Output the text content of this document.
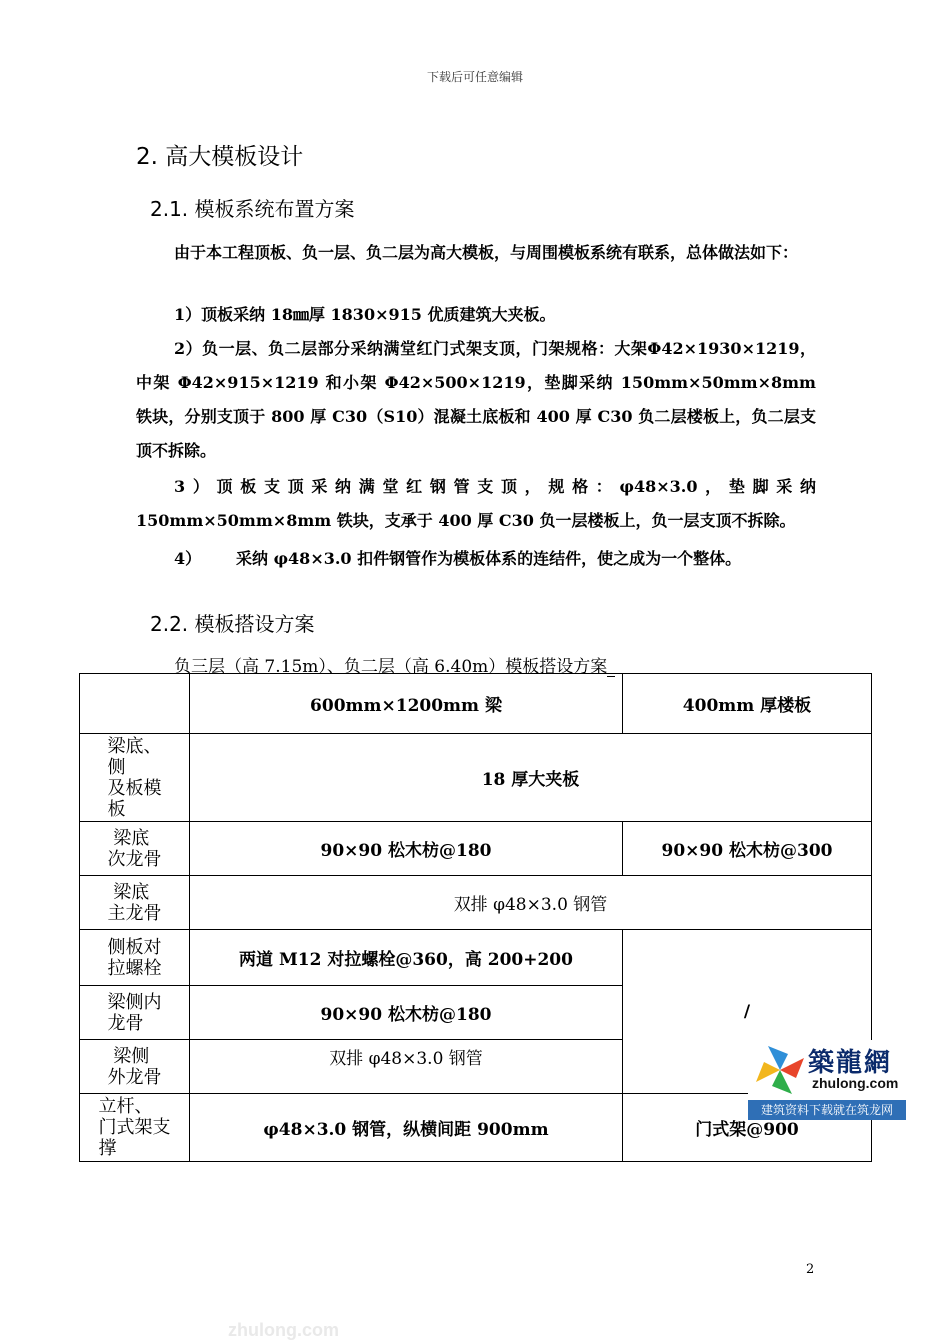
下载后可任意编辑
2. 高大模板设计
2.1. 模板系统布置方案
由于本工程顶板、负一层、负二层为高大模板，与周围模板系统有联系，总体做法如下：
1）顶板采纳 18㎜厚 1830×915 优质建筑大夹板。
2）负一层、负二层部分采纳满堂红门式架支顶，门架规格：大架Φ42×1930×1219，中架 Φ42×915×1219 和小架 Φ42×500×1219，垫脚采纳 150mm×50mm×8mm 铁块，分别支顶于 800 厚 C30（S10）混凝土底板和 400 厚 C30 负二层楼板上，负二层支顶不拆除。
3）顶板支顶采纳满堂红钢管支顶，规格：φ48×3.0，垫脚采纳 150mm×50mm×8mm 铁块，支承于 400 厚 C30 负一层楼板上，负一层支顶不拆除。
4） 采纳 φ48×3.0 扣件钢管作为模板体系的连结件，使之成为一个整体。
2.2. 模板搭设方案
负三层（高 7.15m）、负二层（高 6.40m）模板搭设方案
	600mm×1200mm 梁	400mm 厚楼板
梁底、
侧
及板模
板	18 厚大夹板	
梁底
次龙骨	90×90 松木枋@180	90×90 松木枋@300
梁底
主龙骨	双排 φ48×3.0 钢管	
侧板对
拉螺栓	两道 M12 对拉螺栓@360，高 200+200	/
梁侧内
龙骨	90×90 松木枋@180	
梁侧
外龙骨	双排 φ48×3.0 钢管	
立杆、
门式架支
撑	φ48×3.0 钢管，纵横间距 900mm	门式架@900
築龍網
zhulong.com
建筑资料下载就在筑龙网
2
zhulong.com
